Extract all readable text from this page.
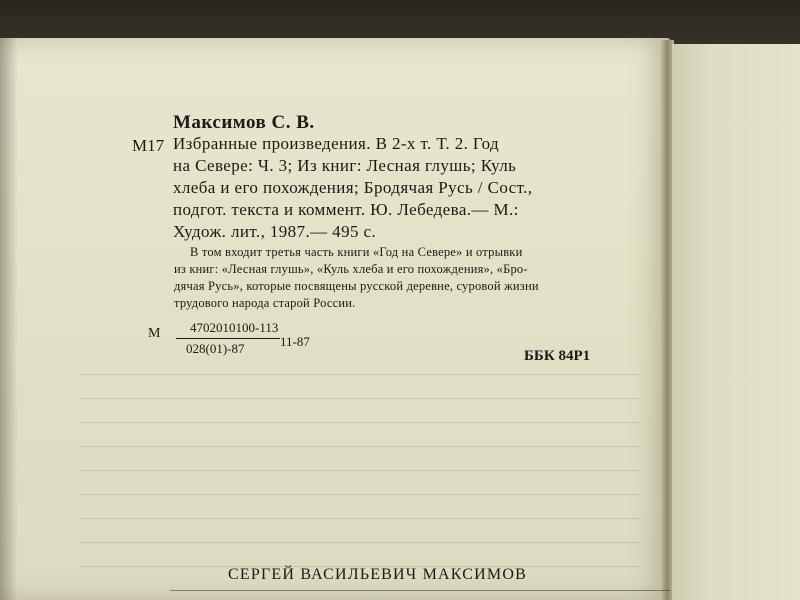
Максимов С. В.
М17 Избранные произведения. В 2-х т. Т. 2. Год
на Севере: Ч. 3; Из книг: Лесная глушь; Куль
хлеба и его похождения; Бродячая Русь / Сост.,
подгот. текста и коммент. Ю. Лебедева.— М.:
Худож. лит., 1987.— 495 с.
В том входит третья часть книги «Год на Севере» и отрывки
из книг: «Лесная глушь», «Куль хлеба и его похождения», «Бро-
дячая Русь», которые посвящены русской деревне, суровой жизни
трудового народа старой России.
М 4702010100-113
028(01)-87	11-87
ББК 84Р1
СЕРГЕЙ ВАСИЛЬЕВИЧ МАКСИМОВ
